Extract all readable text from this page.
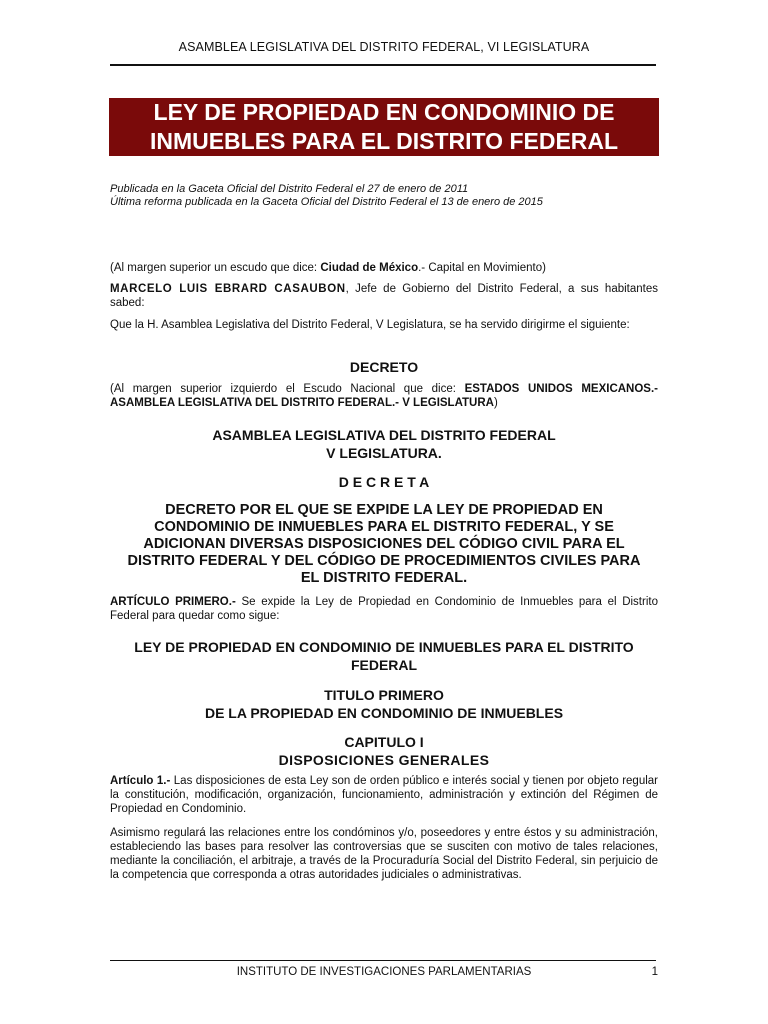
ASAMBLEA LEGISLATIVA DEL DISTRITO FEDERAL, VI LEGISLATURA
LEY DE PROPIEDAD EN CONDOMINIO DE
INMUEBLES PARA EL DISTRITO FEDERAL
Publicada en la Gaceta Oficial del Distrito Federal el 27 de enero de 2011
Última reforma publicada en la Gaceta Oficial del Distrito Federal el 13 de enero de 2015
(Al margen superior un escudo que dice: Ciudad de México.- Capital en Movimiento)
MARCELO LUIS EBRARD CASAUBON, Jefe de Gobierno del Distrito Federal, a sus habitantes sabed:
Que la H. Asamblea Legislativa del Distrito Federal, V Legislatura, se ha servido dirigirme el siguiente:
DECRETO
(Al margen superior izquierdo el Escudo Nacional que dice: ESTADOS UNIDOS MEXICANOS.- ASAMBLEA LEGISLATIVA DEL DISTRITO FEDERAL.- V LEGISLATURA)
ASAMBLEA LEGISLATIVA DEL DISTRITO FEDERAL
V LEGISLATURA.
D E C R E T A
DECRETO POR EL QUE SE EXPIDE LA LEY DE PROPIEDAD EN CONDOMINIO DE INMUEBLES PARA EL DISTRITO FEDERAL, Y SE ADICIONAN DIVERSAS DISPOSICIONES DEL CÓDIGO CIVIL PARA EL DISTRITO FEDERAL Y DEL CÓDIGO DE PROCEDIMIENTOS CIVILES PARA EL DISTRITO FEDERAL.
ARTÍCULO PRIMERO.- Se expide la Ley de Propiedad en Condominio de Inmuebles para el Distrito Federal para quedar como sigue:
LEY DE PROPIEDAD EN CONDOMINIO DE INMUEBLES PARA EL DISTRITO FEDERAL
TITULO PRIMERO
DE LA PROPIEDAD EN CONDOMINIO DE INMUEBLES
CAPITULO I
DISPOSICIONES GENERALES
Artículo 1.- Las disposiciones de esta Ley son de orden público e interés social y tienen por objeto regular la constitución, modificación, organización, funcionamiento, administración y extinción del Régimen de Propiedad en Condominio.
Asimismo regulará las relaciones entre los condóminos y/o, poseedores y entre éstos y su administración, estableciendo las bases para resolver las controversias que se susciten con motivo de tales relaciones, mediante la conciliación, el arbitraje, a través de la Procuraduría Social del Distrito Federal, sin perjuicio de la competencia que corresponda a otras autoridades judiciales o administrativas.
INSTITUTO DE INVESTIGACIONES PARLAMENTARIAS	1
